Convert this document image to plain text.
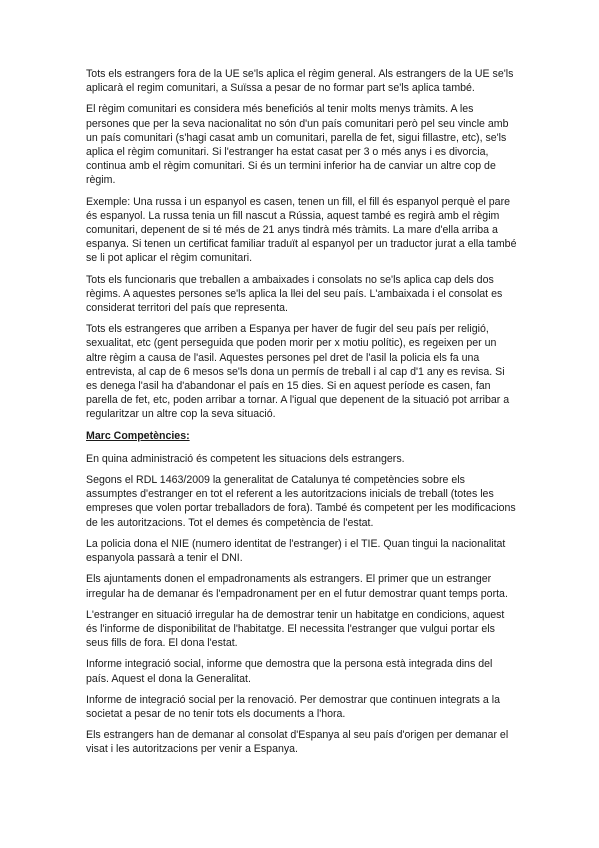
Tots els estrangers fora de la UE se'ls aplica el règim general. Als estrangers de la UE se'ls aplicarà el regim comunitari, a Suïssa a pesar de no formar part se'ls aplica també.

El règim comunitari es considera més beneficiós al tenir molts menys tràmits. A les persones que per la seva nacionalitat no són d'un país comunitari però pel seu vincle amb un país comunitari (s'hagi casat amb un comunitari, parella de fet, sigui fillastre, etc), se'ls aplica el règim comunitari. Si l'estranger ha estat casat per 3 o més anys i es divorcia, continua amb el règim comunitari. Si és un termini inferior ha de canviar un altre cop de règim.

Exemple: Una russa i un espanyol es casen, tenen un fill, el fill és espanyol perquè el pare és espanyol. La russa tenia un fill nascut a Rússia, aquest també es regirà amb el règim comunitari, depenent de si té més de 21 anys tindrà més tràmits. La mare d'ella arriba a espanya. Si tenen un certificat familiar traduït al espanyol per un traductor jurat a ella també se li pot aplicar el règim comunitari.

Tots els funcionaris que treballen a ambaixades i consolats no se'ls aplica cap dels dos règims. A aquestes persones se'ls aplica la llei del seu país. L'ambaixada i el consolat es considerat territori del país que representa.

Tots els estrangeres que arriben a Espanya per haver de fugir del seu país per religió, sexualitat, etc (gent perseguida que poden morir per x motiu polític), es regeixen per un altre règim a causa de l'asil. Aquestes persones pel dret de l'asil la policia els fa una entrevista, al cap de 6 mesos se'ls dona un permís de treball i al cap d'1 any es revisa. Si es denega l'asil ha d'abandonar el país en 15 dies. Si en aquest període es casen, fan parella de fet, etc, poden arribar a tornar. A l'igual que depenent de la situació pot arribar a regularitzar un altre cop la seva situació.

Marc Competències:

En quina administració és competent les situacions dels estrangers.

Segons el RDL 1463/2009 la generalitat de Catalunya té competències sobre els assumptes d'estranger en tot el referent a les autoritzacions inicials de treball (totes les empreses que volen portar treballadors de fora). També és competent per les modificacions de les autoritzacions. Tot el demes és competència de l'estat.

La policia dona el NIE (numero identitat de l'estranger) i el TIE. Quan tingui la nacionalitat espanyola passarà a tenir el DNI.

Els ajuntaments donen el empadronaments als estrangers. El primer que un estranger irregular ha de demanar és l'empadronament per en el futur demostrar quant temps porta.

L'estranger en situació irregular ha de demostrar tenir un habitatge en condicions, aquest és l'informe de disponibilitat de l'habitatge. El necessita l'estranger que vulgui portar els seus fills de fora. El dona l'estat.

Informe integració social, informe que demostra que la persona està integrada dins del país. Aquest el dona la Generalitat.

Informe de integració social per la renovació. Per demostrar que continuen integrats a la societat a pesar de no tenir tots els documents a l'hora.

Els estrangers han de demanar al consolat d'Espanya al seu país d'origen per demanar el visat i les autoritzacions per venir a Espanya.
